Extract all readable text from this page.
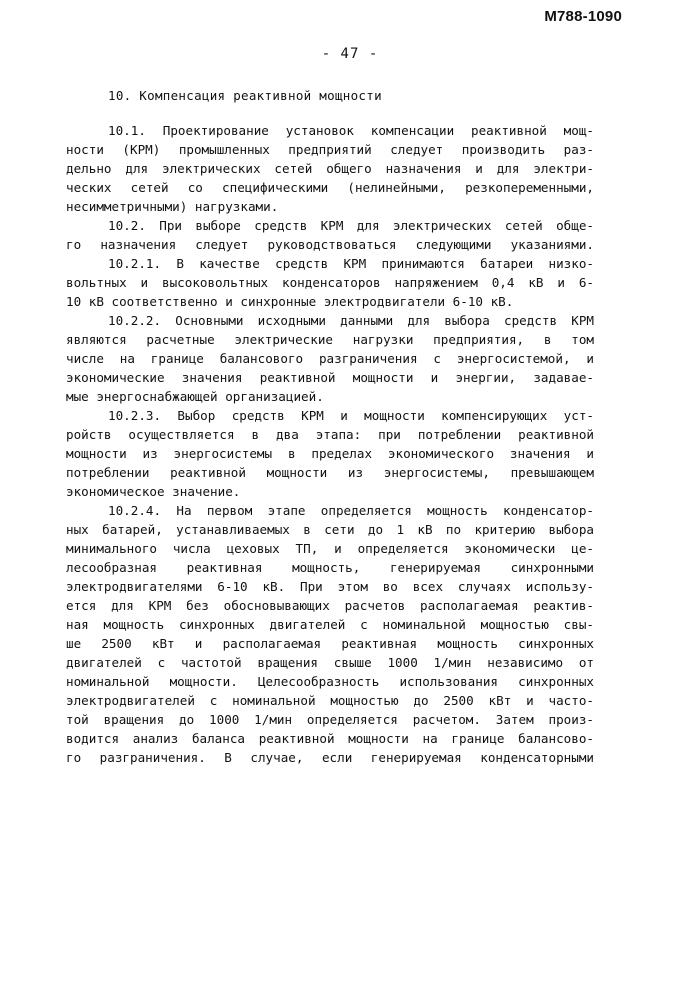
М788-1090
- 47 -
10. Компенсация реактивной мощности
10.1. Проектирование установок компенсации реактивной мощ-
ности (КРМ) промышленных предприятий следует производить раз-
дельно для электрических сетей общего назначения и для электри-
ческих сетей со специфическими (нелинейными, резкопеременными,
несимметричными) нагрузками.
10.2. При выборе средств КРМ для электрических сетей обще-
го назначения следует руководствоваться следующими указаниями.
10.2.1. В качестве средств КРМ принимаются батареи низко-
вольтных и высоковольтных конденсаторов напряжением 0,4 кВ и 6-
10 кВ соответственно и синхронные электродвигатели 6-10 кВ.
10.2.2. Основными исходными данными для выбора средств КРМ
являются расчетные электрические нагрузки предприятия, в том
числе на границе балансового разграничения с энергосистемой, и
экономические значения реактивной мощности и энергии, задавае-
мые энергоснабжающей организацией.
10.2.3. Выбор средств КРМ и мощности компенсирующих уст-
ройств осуществляется в два этапа: при потреблении реактивной
мощности из энергосистемы в пределах экономического значения и
потреблении реактивной мощности из энергосистемы, превышающем
экономическое значение.
10.2.4. На первом этапе определяется мощность конденсатор-
ных батарей, устанавливаемых в сети до 1 кВ по критерию выбора
минимального числа цеховых ТП, и определяется экономически це-
лесообразная реактивная мощность, генерируемая синхронными
электродвигателями 6-10 кВ. При этом во всех случаях использу-
ется для КРМ без обосновывающих расчетов располагаемая реактив-
ная мощность синхронных двигателей с номинальной мощностью свы-
ше 2500 кВт и располагаемая реактивная мощность синхронных
двигателей с частотой вращения свыше 1000 1/мин независимо от
номинальной мощности. Целесообразность использования синхронных
электродвигателей с номинальной мощностью до 2500 кВт и часто-
той вращения до 1000 1/мин определяется расчетом. Затем произ-
водится анализ баланса реактивной мощности на границе балансово-
го разграничения. В случае, если генерируемая конденсаторными
